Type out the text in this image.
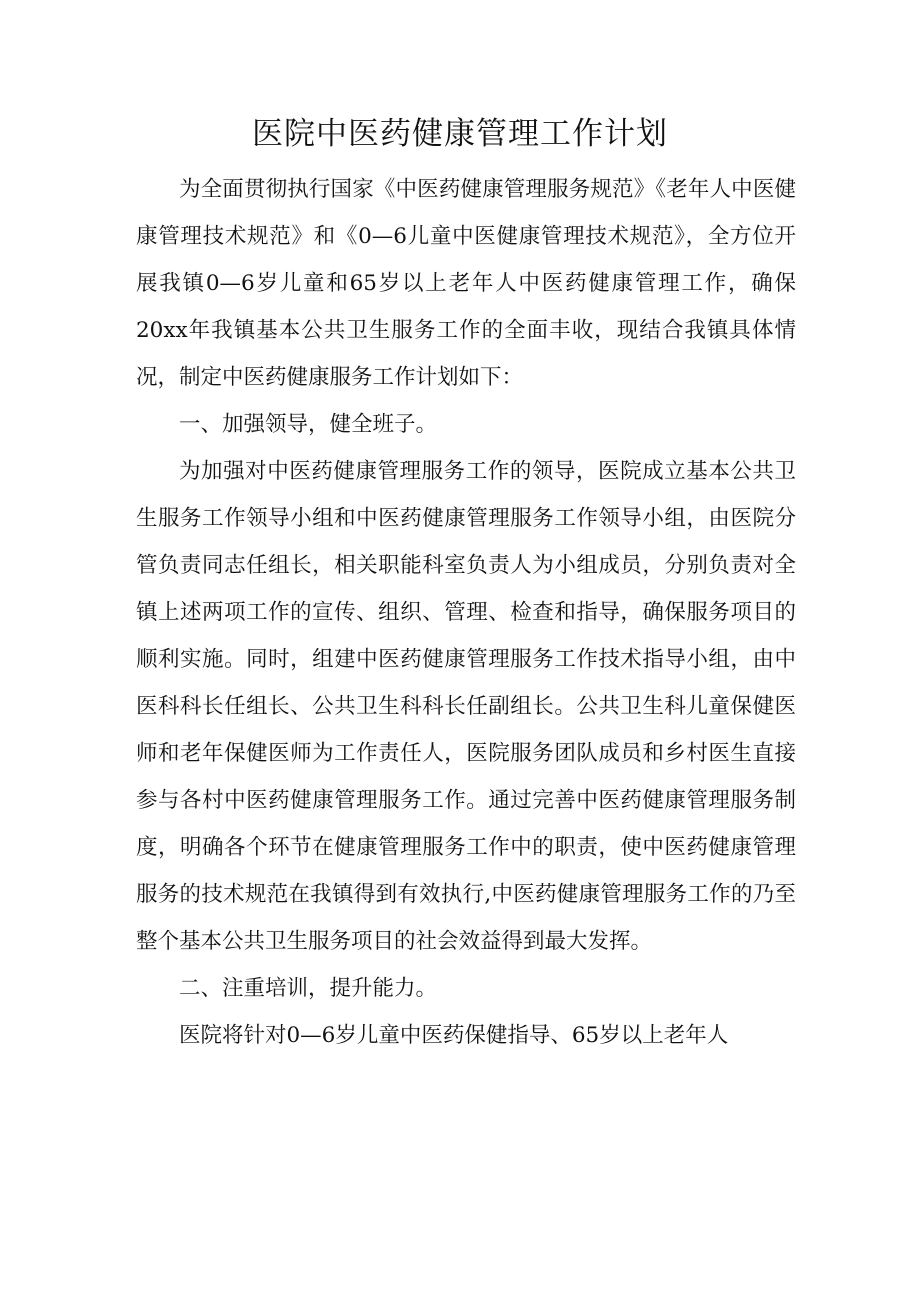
医院中医药健康管理工作计划

为全面贯彻执行国家《中医药健康管理服务规范》《老年人中医健康管理技术规范》和《0—6儿童中医健康管理技术规范》，全方位开展我镇0—6岁儿童和65岁以上老年人中医药健康管理工作，确保20xx年我镇基本公共卫生服务工作的全面丰收，现结合我镇具体情况，制定中医药健康服务工作计划如下：

一、加强领导，健全班子。

为加强对中医药健康管理服务工作的领导，医院成立基本公共卫生服务工作领导小组和中医药健康管理服务工作领导小组，由医院分管负责同志任组长，相关职能科室负责人为小组成员，分别负责对全镇上述两项工作的宣传、组织、管理、检查和指导，确保服务项目的顺利实施。同时，组建中医药健康管理服务工作技术指导小组，由中医科科长任组长、公共卫生科科长任副组长。公共卫生科儿童保健医师和老年保健医师为工作责任人，医院服务团队成员和乡村医生直接参与各村中医药健康管理服务工作。通过完善中医药健康管理服务制度，明确各个环节在健康管理服务工作中的职责，使中医药健康管理服务的技术规范在我镇得到有效执行,中医药健康管理服务工作的乃至整个基本公共卫生服务项目的社会效益得到最大发挥。

二、注重培训，提升能力。

医院将针对0—6岁儿童中医药保健指导、65岁以上老年人
